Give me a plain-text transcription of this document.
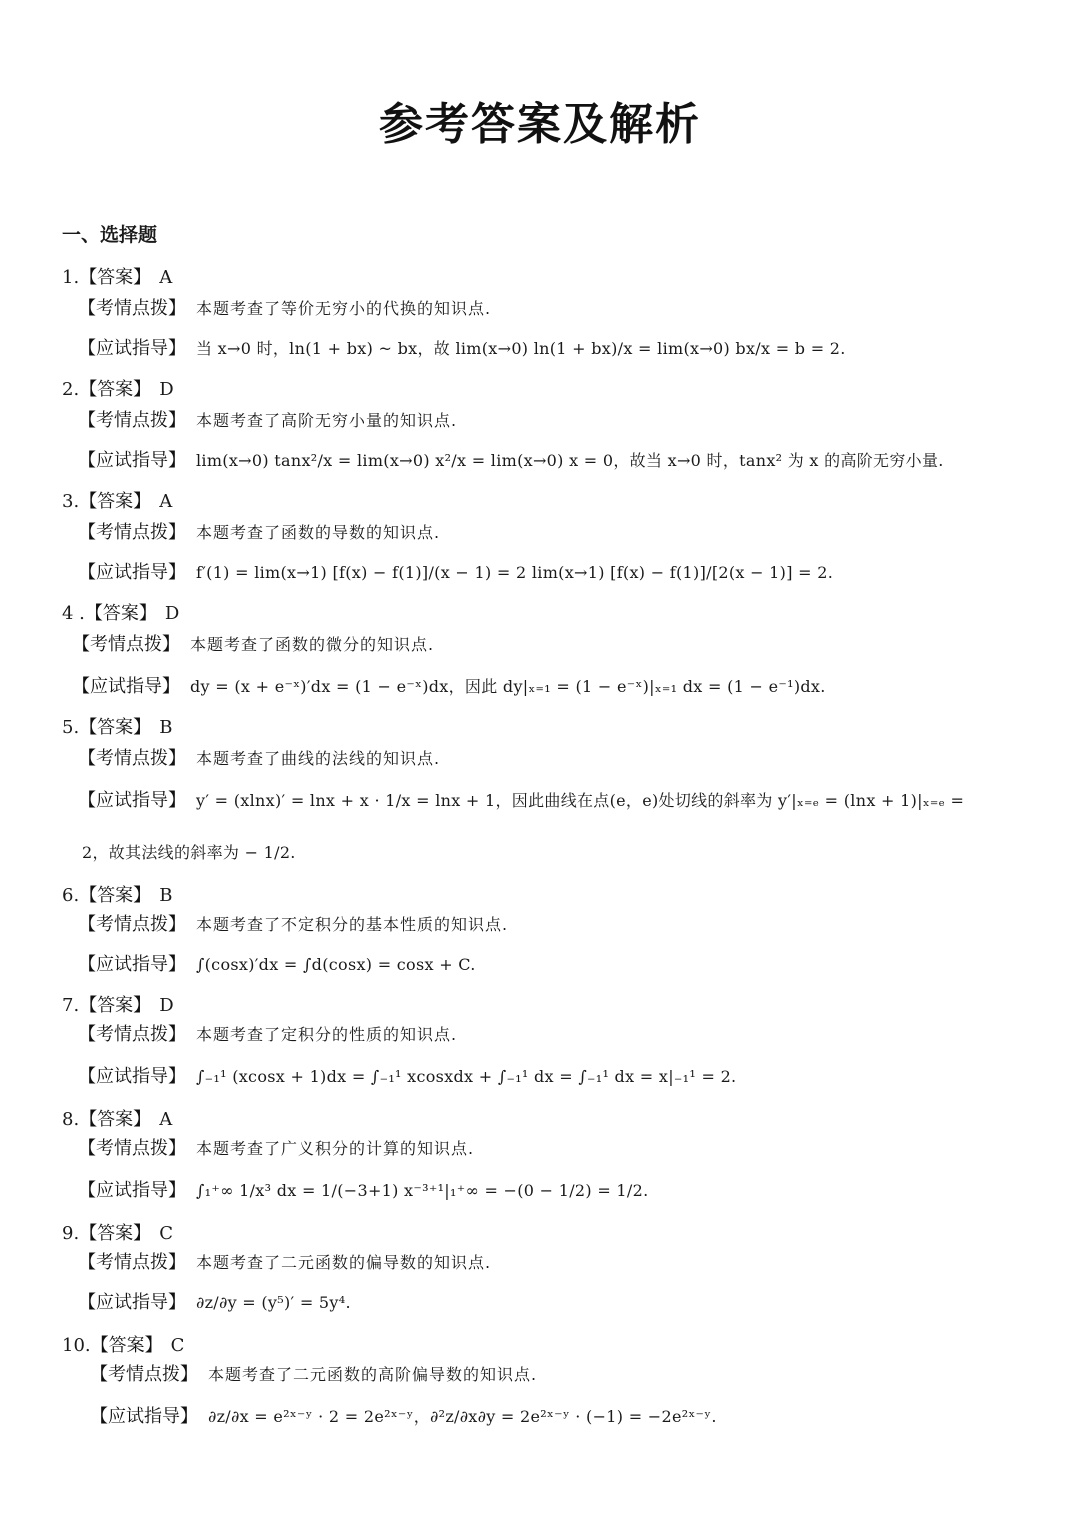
参考答案及解析
一、选择题
1.【答案】 A
【考情点拨】 本题考查了等价无穷小的代换的知识点.
【应试指导】 当 x→0 时，ln(1 + bx) ~ bx，故 lim(x→0) ln(1 + bx)/x = lim(x→0) bx/x = b = 2.
2.【答案】 D
【考情点拨】 本题考查了高阶无穷小量的知识点.
【应试指导】 lim(x→0) tanx²/x = lim(x→0) x²/x = lim(x→0) x = 0，故当 x→0 时，tanx² 为 x 的高阶无穷小量.
3.【答案】 A
【考情点拨】 本题考查了函数的导数的知识点.
【应试指导】 f′(1) = lim(x→1) [f(x) − f(1)]/(x − 1) = 2 lim(x→1) [f(x) − f(1)]/[2(x − 1)] = 2.
4 .【答案】 D
【考情点拨】 本题考查了函数的微分的知识点.
【应试指导】 dy = (x + e⁻ˣ)′dx = (1 − e⁻ˣ)dx，因此 dy|ₓ₌₁ = (1 − e⁻ˣ)|ₓ₌₁ dx = (1 − e⁻¹)dx.
5.【答案】 B
【考情点拨】 本题考查了曲线的法线的知识点.
【应试指导】 y′ = (xlnx)′ = lnx + x · 1/x = lnx + 1，因此曲线在点(e，e)处切线的斜率为 y′|ₓ₌ₑ = (lnx + 1)|ₓ₌ₑ =
2，故其法线的斜率为 − 1/2.
6.【答案】 B
【考情点拨】 本题考查了不定积分的基本性质的知识点.
【应试指导】 ∫(cosx)′dx = ∫d(cosx) = cosx + C.
7.【答案】 D
【考情点拨】 本题考查了定积分的性质的知识点.
【应试指导】 ∫₋₁¹ (xcosx + 1)dx = ∫₋₁¹ xcosxdx + ∫₋₁¹ dx = ∫₋₁¹ dx = x|₋₁¹ = 2.
8.【答案】 A
【考情点拨】 本题考查了广义积分的计算的知识点.
【应试指导】 ∫₁⁺∞ 1/x³ dx = 1/(−3+1) x⁻³⁺¹|₁⁺∞ = −(0 − 1/2) = 1/2.
9.【答案】 C
【考情点拨】 本题考查了二元函数的偏导数的知识点.
【应试指导】 ∂z/∂y = (y⁵)′ = 5y⁴.
10.【答案】 C
【考情点拨】 本题考查了二元函数的高阶偏导数的知识点.
【应试指导】 ∂z/∂x = e²ˣ⁻ʸ · 2 = 2e²ˣ⁻ʸ，∂²z/∂x∂y = 2e²ˣ⁻ʸ · (−1) = −2e²ˣ⁻ʸ.
